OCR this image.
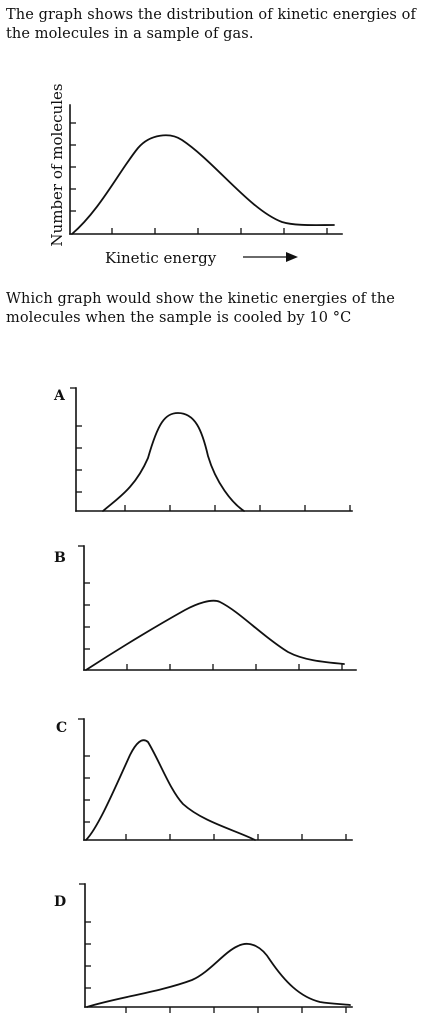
The graph shows the distribution of kinetic energies of the molecules in a sample of gas.

Number of molecules
Kinetic energy

Which graph would show the kinetic energies of the molecules when the sample is cooled by 10 °C

A
B
C
D
